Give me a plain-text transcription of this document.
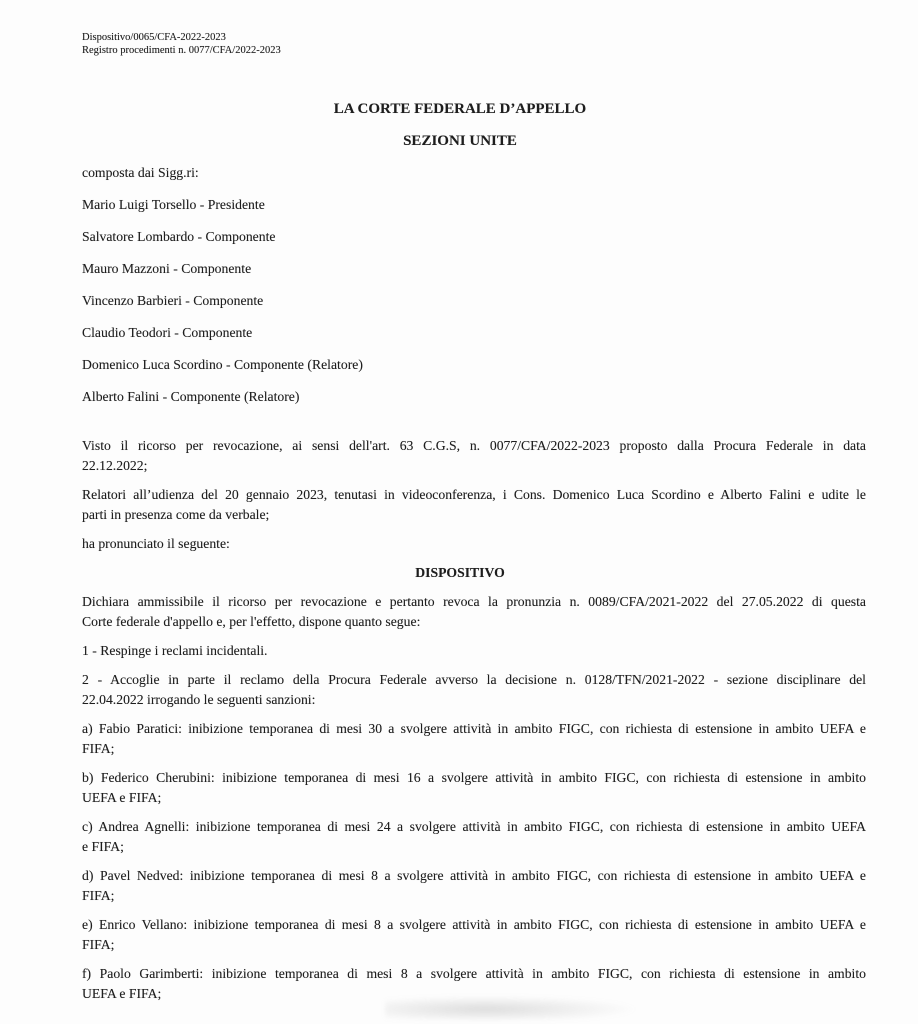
Dispositivo/0065/CFA-2022-2023
Registro procedimenti n. 0077/CFA/2022-2023
LA CORTE FEDERALE D’APPELLO
SEZIONI UNITE
composta dai Sigg.ri:
Mario Luigi Torsello - Presidente
Salvatore Lombardo - Componente
Mauro Mazzoni - Componente
Vincenzo Barbieri - Componente
Claudio Teodori - Componente
Domenico Luca Scordino - Componente (Relatore)
Alberto Falini - Componente (Relatore)
Visto il ricorso per revocazione, ai sensi dell'art. 63 C.G.S, n. 0077/CFA/2022-2023 proposto dalla Procura Federale in data
22.12.2022;
Relatori all’udienza del 20 gennaio 2023, tenutasi in videoconferenza, i Cons. Domenico Luca Scordino e Alberto Falini e udite le
parti in presenza come da verbale;
ha pronunciato il seguente:
DISPOSITIVO
Dichiara ammissibile il ricorso per revocazione e pertanto revoca la pronunzia n. 0089/CFA/2021-2022 del 27.05.2022 di questa
Corte federale d'appello e, per l'effetto, dispone quanto segue:
1 - Respinge i reclami incidentali.
2 - Accoglie in parte il reclamo della Procura Federale avverso la decisione n. 0128/TFN/2021-2022 - sezione disciplinare del
22.04.2022 irrogando le seguenti sanzioni:
a) Fabio Paratici: inibizione temporanea di mesi 30 a svolgere attività in ambito FIGC, con richiesta di estensione in ambito UEFA e
FIFA;
b) Federico Cherubini: inibizione temporanea di mesi 16 a svolgere attività in ambito FIGC, con richiesta di estensione in ambito
UEFA e FIFA;
c) Andrea Agnelli: inibizione temporanea di mesi 24 a svolgere attività in ambito FIGC, con richiesta di estensione in ambito UEFA
e FIFA;
d) Pavel Nedved: inibizione temporanea di mesi 8 a svolgere attività in ambito FIGC, con richiesta di estensione in ambito UEFA e
FIFA;
e) Enrico Vellano: inibizione temporanea di mesi 8 a svolgere attività in ambito FIGC, con richiesta di estensione in ambito UEFA e
FIFA;
f) Paolo Garimberti: inibizione temporanea di mesi 8 a svolgere attività in ambito FIGC, con richiesta di estensione in ambito
UEFA e FIFA;
